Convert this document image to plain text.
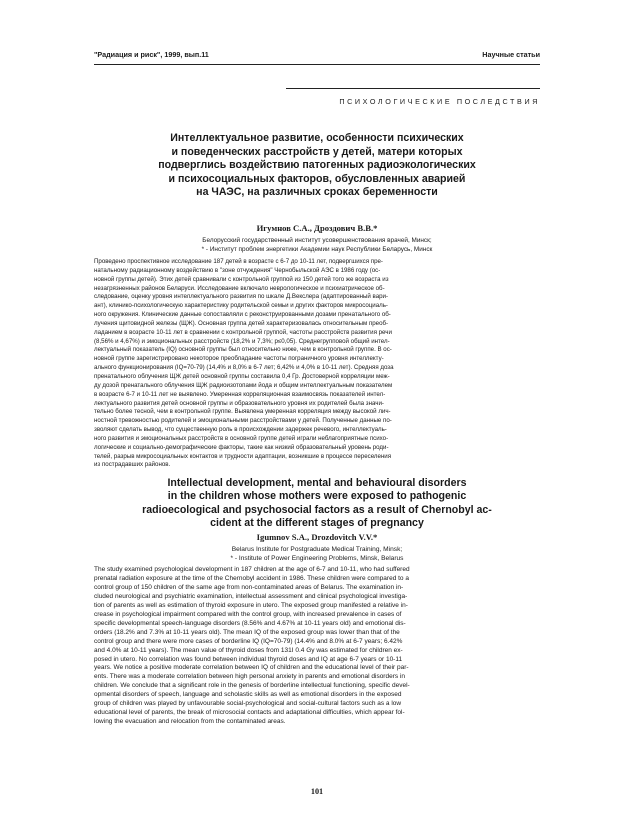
"Радиация и риск", 1999, вып.11	Научные статьи
ПСИХОЛОГИЧЕСКИЕ ПОСЛЕДСТВИЯ
Интеллектуальное развитие, особенности психических
и поведенческих расстройств у детей, матери которых
подверглись воздействию патогенных радиоэкологических
и психосоциальных факторов, обусловленных аварией
на ЧАЭС, на различных сроках беременности
Игумнов С.А., Дроздович В.В.*
Белорусский государственный институт усовершенствования врачей, Минск;
* - Институт проблем энергетики Академии наук Республики Беларусь, Минск
Проведено проспективное исследование 187 детей в возрасте с 6-7 до 10-11 лет, подвергшихся пре-
натальному радиационному воздействию в "зоне отчуждения" Чернобыльской АЭС в 1986 году (ос-
новной группы детей). Этих детей сравнивали с контрольной группой из 150 детей того же возраста из
незагрязненных районов Беларуси. Исследование включало неврологическое и психиатрическое об-
следование, оценку уровня интеллектуального развития по шкале Д.Векслера (адаптированный вари-
ант), клинико-психологическую характеристику родительской семьи и других факторов микросоциаль-
ного окружения. Клинические данные сопоставляли с реконструированными дозами пренатального об-
лучения щитовидной железы (ЩЖ). Основная группа детей характеризовалась относительным преоб-
ладанием в возрасте 10-11 лет в сравнении с контрольной группой, частоты расстройств развития речи
(8,56% и 4,67%) и эмоциональных расстройств (18,2% и 7,3%; p≤0,05). Среднегрупповой общий интел-
лектуальный показатель (IQ) основной группы был относительно ниже, чем в контрольной группе. В ос-
новной группе зарегистрировано некоторое преобладание частоты пограничного уровня интеллекту-
ального функционирования (IQ=70-79) (14,4% и 8,0% в 6-7 лет; 6,42% и 4,0% в 10-11 лет). Средняя доза
пренатального облучения ЩЖ детей основной группы составила 0,4 Гр. Достоверной корреляции меж-
ду дозой пренатального облучения ЩЖ радиоизотопами йода и общим интеллектуальным показателем
в возрасте 6-7 и 10-11 лет не выявлено. Умеренная корреляционная взаимосвязь показателей интел-
лектуального развития детей основной группы и образовательного уровня их родителей была значи-
тельно более тесной, чем в контрольной группе. Выявлена умеренная корреляция между высокой лич-
ностной тревожностью родителей и эмоциональными расстройствами у детей. Полученные данные по-
зволяют сделать вывод, что существенную роль в происхождении задержек речевого, интеллектуаль-
ного развития и эмоциональных расстройств в основной группе детей играли неблагоприятные психо-
логические и социально-демографические факторы, такие как низкий образовательный уровень роди-
телей, разрыв микросоциальных контактов и трудности адаптации, возникшие в процессе переселения
из пострадавших районов.
Intellectual development, mental and behavioural disorders
in the children whose mothers were exposed to pathogenic
radioecological and psychosocial factors as a result of Chernobyl ac-
cident at the different stages of pregnancy
Igumnov S.A., Drozdovitch V.V.*
Belarus Institute for Postgraduate Medical Training, Minsk;
* - Institute of Power Engineering Problems, Minsk, Belarus
The study examined psychological development in 187 children at the age of 6-7 and 10-11, who had suffered
prenatal radiation exposure at the time of the Chernobyl accident in 1986. These children were compared to a
control group of 150 children of the same age from non-contaminated areas of Belarus. The examination in-
cluded neurological and psychiatric examination, intellectual assessment and clinical psychological investiga-
tion of parents as well as estimation of thyroid exposure in utero. The exposed group manifested a relative in-
crease in psychological impairment compared with the control group, with increased prevalence in cases of
specific developmental speech-language disorders (8.56% and 4.67% at 10-11 years old) and emotional dis-
orders (18.2% and 7.3% at 10-11 years old). The mean IQ of the exposed group was lower than that of the
control group and there were more cases of borderline IQ (IQ=70-79) (14.4% and 8.0% at 6-7 years; 6.42%
and 4.0% at 10-11 years). The mean value of thyroid doses from 131I 0.4 Gy was estimated for children ex-
posed in utero. No correlation was found between individual thyroid doses and IQ at age 6-7 years or 10-11
years. We notice a positive moderate correlation between IQ of children and the educational level of their par-
ents. There was a moderate correlation between high personal anxiety in parents and emotional disorders in
children. We conclude that a significant role in the genesis of borderline intellectual functioning, specific devel-
opmental disorders of speech, language and scholastic skills as well as emotional disorders in the exposed
group of children was played by unfavourable social-psychological and social-cultural factors such as a low
educational level of parents, the break of microsocial contacts and adaptational difficulties, which appear fol-
lowing the evacuation and relocation from the contaminated areas.
101
